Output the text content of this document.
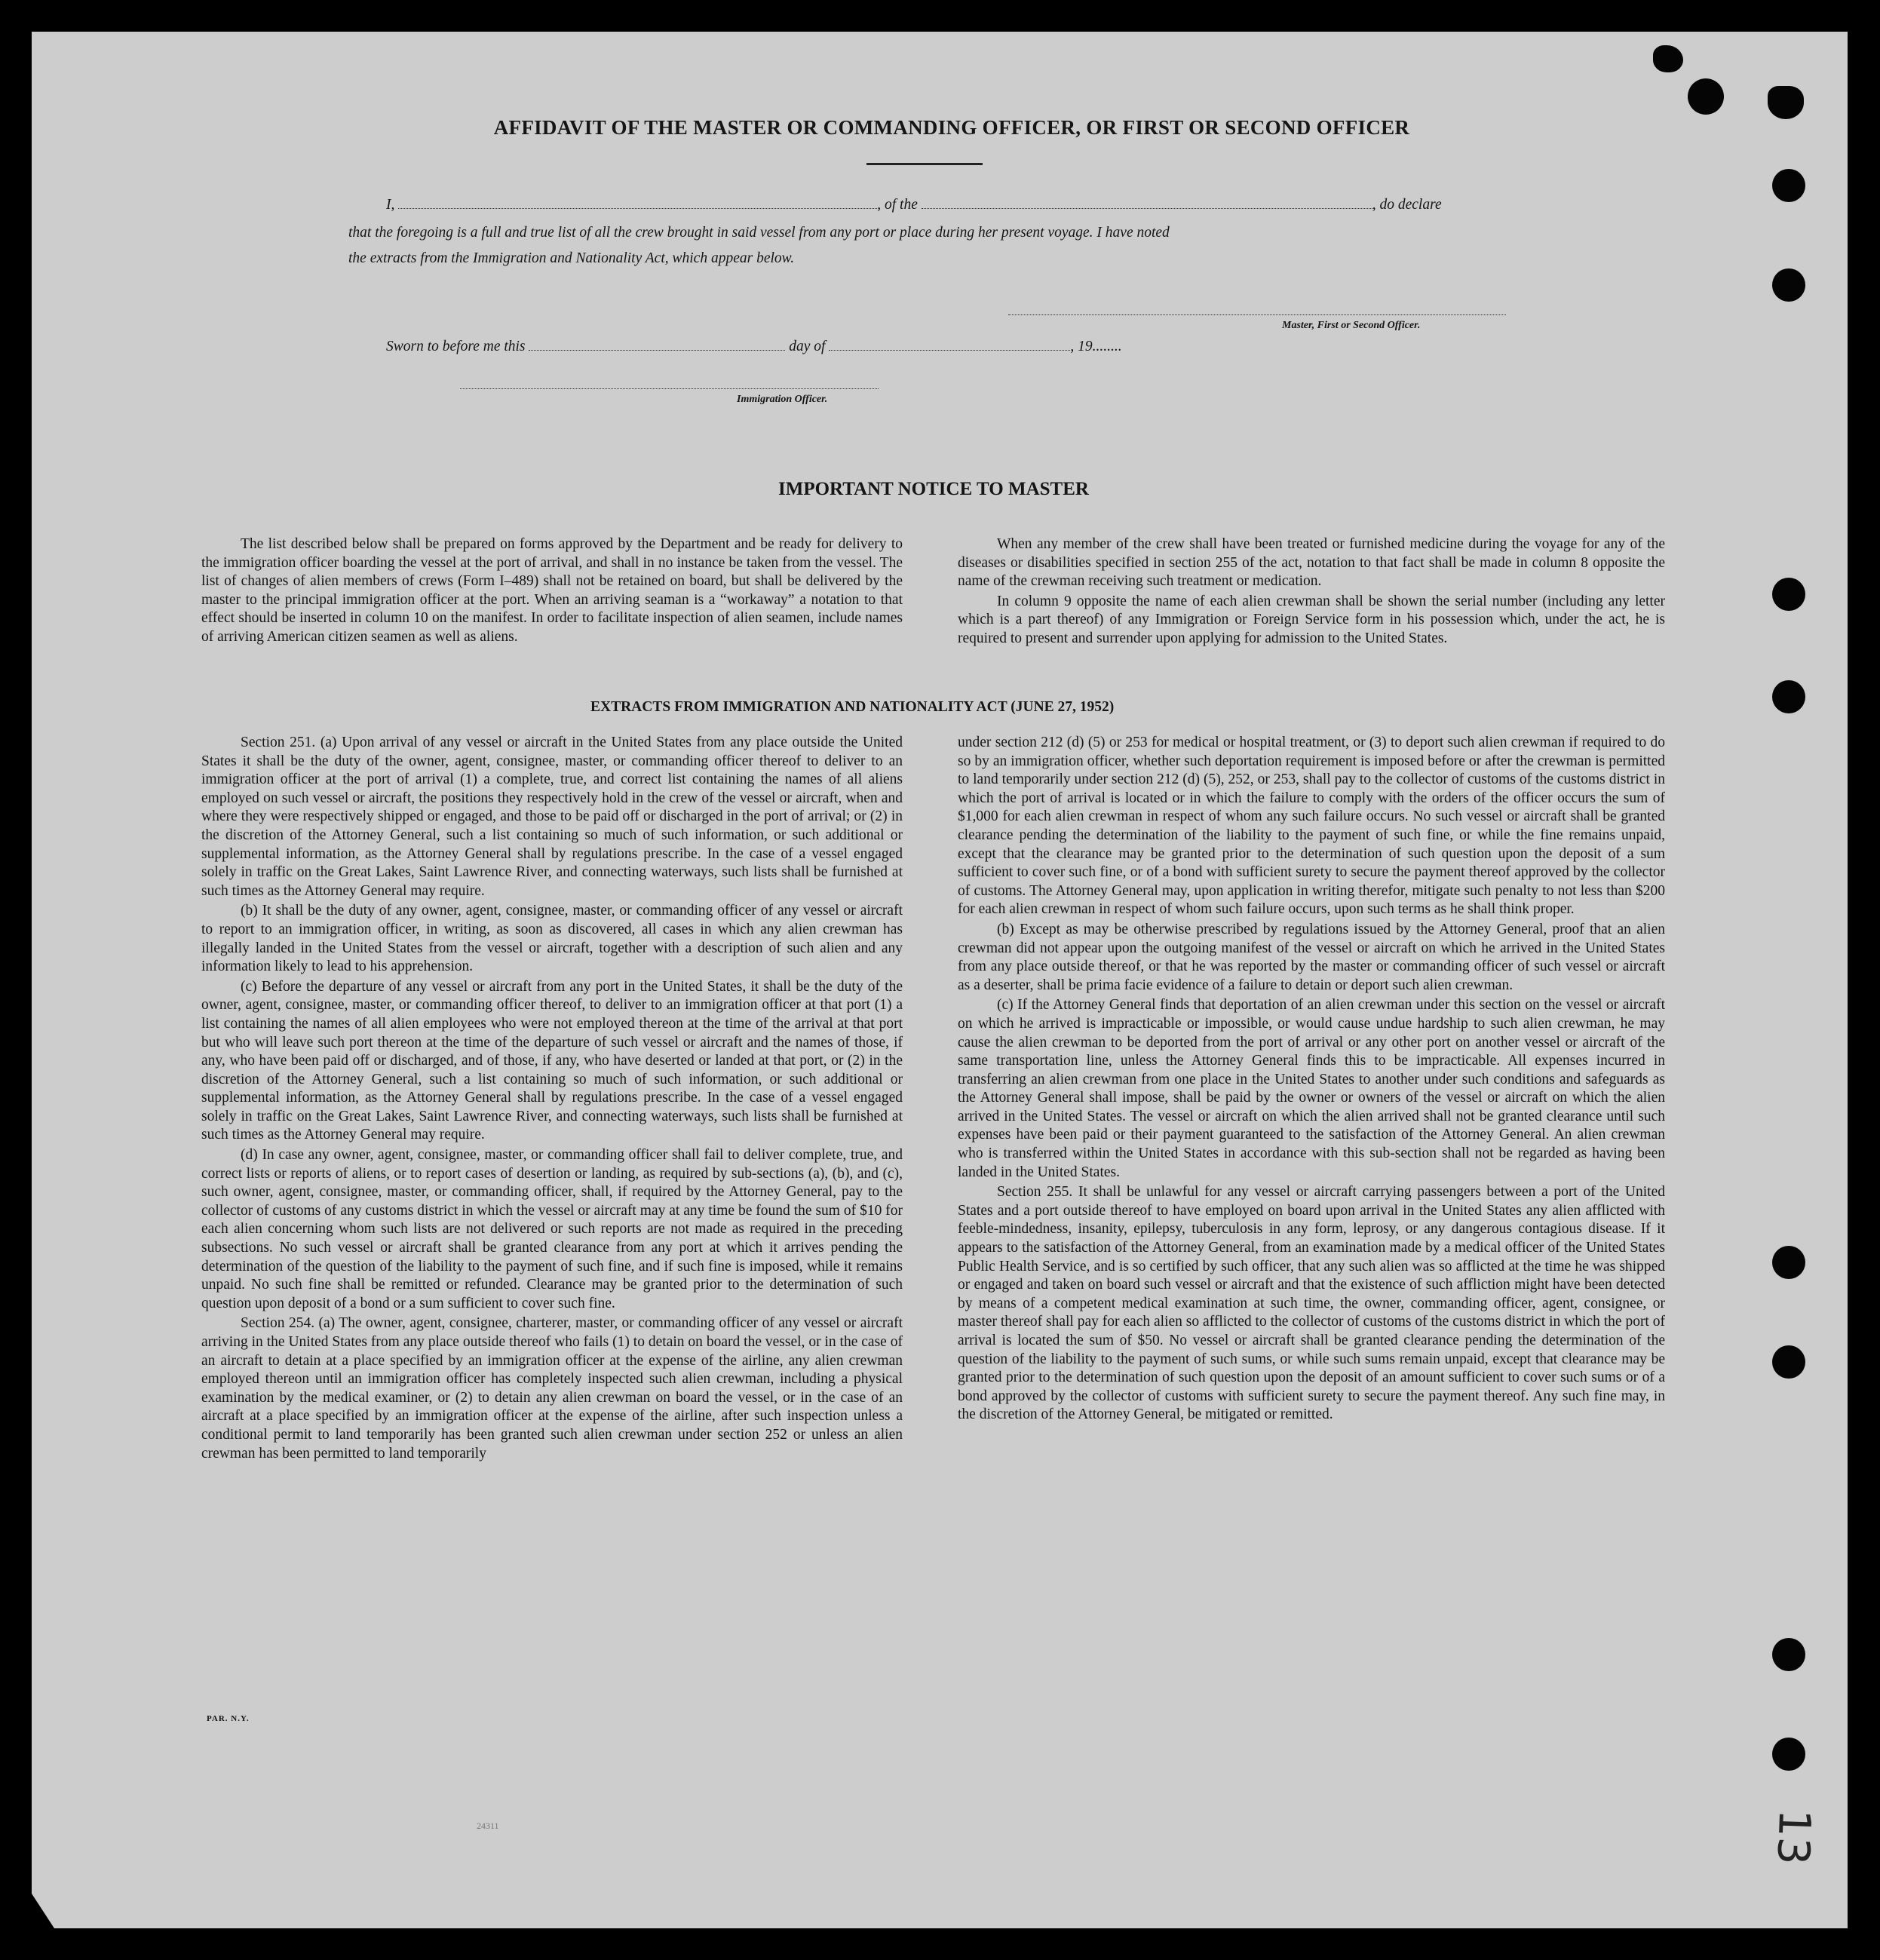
AFFIDAVIT OF THE MASTER OR COMMANDING OFFICER, OR FIRST OR SECOND OFFICER
I,	, of the	, do declare
that the foregoing is a full and true list of all the crew brought in said vessel from any port or place during her present voyage. I have noted
the extracts from the Immigration and Nationality Act, which appear below.
Master, First or Second Officer.
Sworn to before me this	day of	, 19........
Immigration Officer.
IMPORTANT NOTICE TO MASTER

The list described below shall be prepared on forms approved by the Department and be ready for delivery to the immigration officer boarding the vessel at the port of arrival, and shall in no instance be taken from the vessel. The list of changes of alien members of crews (Form I–489) shall not be retained on board, but shall be delivered by the master to the principal immigration officer at the port. When an arriving seaman is a “workaway” a notation to that effect should be inserted in column 10 on the manifest. In order to facilitate inspection of alien seamen, include names of arriving American citizen seamen as well as aliens.

When any member of the crew shall have been treated or furnished medicine during the voyage for any of the diseases or disabilities specified in section 255 of the act, notation to that fact shall be made in column 8 opposite the name of the crewman receiving such treatment or medication.

In column 9 opposite the name of each alien crewman shall be shown the serial number (including any letter which is a part thereof) of any Immigration or Foreign Service form in his possession which, under the act, he is required to present and surrender upon applying for admission to the United States.

EXTRACTS FROM IMMIGRATION AND NATIONALITY ACT (JUNE 27, 1952)

Section 251. (a) Upon arrival of any vessel or aircraft in the United States from any place outside the United States it shall be the duty of the owner, agent, consignee, master, or commanding officer thereof to deliver to an immigration officer at the port of arrival (1) a complete, true, and correct list containing the names of all aliens employed on such vessel or aircraft, the positions they respectively hold in the crew of the vessel or aircraft, when and where they were respectively shipped or engaged, and those to be paid off or discharged in the port of arrival; or (2) in the discretion of the Attorney General, such a list containing so much of such information, or such additional or supplemental information, as the Attorney General shall by regulations prescribe. In the case of a vessel engaged solely in traffic on the Great Lakes, Saint Lawrence River, and connecting waterways, such lists shall be furnished at such times as the Attorney General may require.

(b) It shall be the duty of any owner, agent, consignee, master, or commanding officer of any vessel or aircraft to report to an immigration officer, in writing, as soon as discovered, all cases in which any alien crewman has illegally landed in the United States from the vessel or aircraft, together with a description of such alien and any information likely to lead to his apprehension.

(c) Before the departure of any vessel or aircraft from any port in the United States, it shall be the duty of the owner, agent, consignee, master, or commanding officer thereof, to deliver to an immigration officer at that port (1) a list containing the names of all alien employees who were not employed thereon at the time of the arrival at that port but who will leave such port thereon at the time of the departure of such vessel or aircraft and the names of those, if any, who have been paid off or discharged, and of those, if any, who have deserted or landed at that port, or (2) in the discretion of the Attorney General, such a list containing so much of such information, or such additional or supplemental information, as the Attorney General shall by regulations prescribe. In the case of a vessel engaged solely in traffic on the Great Lakes, Saint Lawrence River, and connecting waterways, such lists shall be furnished at such times as the Attorney General may require.

(d) In case any owner, agent, consignee, master, or commanding officer shall fail to deliver complete, true, and correct lists or reports of aliens, or to report cases of desertion or landing, as required by sub-sections (a), (b), and (c), such owner, agent, consignee, master, or commanding officer, shall, if required by the Attorney General, pay to the collector of customs of any customs district in which the vessel or aircraft may at any time be found the sum of $10 for each alien concerning whom such lists are not delivered or such reports are not made as required in the preceding subsections. No such vessel or aircraft shall be granted clearance from any port at which it arrives pending the determination of the question of the liability to the payment of such fine, and if such fine is imposed, while it remains unpaid. No such fine shall be remitted or refunded. Clearance may be granted prior to the determination of such question upon deposit of a bond or a sum sufficient to cover such fine.

Section 254. (a) The owner, agent, consignee, charterer, master, or commanding officer of any vessel or aircraft arriving in the United States from any place outside thereof who fails (1) to detain on board the vessel, or in the case of an aircraft to detain at a place specified by an immigration officer at the expense of the airline, any alien crewman employed thereon until an immigration officer has completely inspected such alien crewman, including a physical examination by the medical examiner, or (2) to detain any alien crewman on board the vessel, or in the case of an aircraft at a place specified by an immigration officer at the expense of the airline, after such inspection unless a conditional permit to land temporarily has been granted such alien crewman under section 252 or unless an alien crewman has been permitted to land temporarily

under section 212 (d) (5) or 253 for medical or hospital treatment, or (3) to deport such alien crewman if required to do so by an immigration officer, whether such deportation requirement is imposed before or after the crewman is permitted to land temporarily under section 212 (d) (5), 252, or 253, shall pay to the collector of customs of the customs district in which the port of arrival is located or in which the failure to comply with the orders of the officer occurs the sum of $1,000 for each alien crewman in respect of whom any such failure occurs. No such vessel or aircraft shall be granted clearance pending the determination of the liability to the payment of such fine, or while the fine remains unpaid, except that the clearance may be granted prior to the determination of such question upon the deposit of a sum sufficient to cover such fine, or of a bond with sufficient surety to secure the payment thereof approved by the collector of customs. The Attorney General may, upon application in writing therefor, mitigate such penalty to not less than $200 for each alien crewman in respect of whom such failure occurs, upon such terms as he shall think proper.

(b) Except as may be otherwise prescribed by regulations issued by the Attorney General, proof that an alien crewman did not appear upon the outgoing manifest of the vessel or aircraft on which he arrived in the United States from any place outside thereof, or that he was reported by the master or commanding officer of such vessel or aircraft as a deserter, shall be prima facie evidence of a failure to detain or deport such alien crewman.

(c) If the Attorney General finds that deportation of an alien crewman under this section on the vessel or aircraft on which he arrived is impracticable or impossible, or would cause undue hardship to such alien crewman, he may cause the alien crewman to be deported from the port of arrival or any other port on another vessel or aircraft of the same transportation line, unless the Attorney General finds this to be impracticable. All expenses incurred in transferring an alien crewman from one place in the United States to another under such conditions and safeguards as the Attorney General shall impose, shall be paid by the owner or owners of the vessel or aircraft on which the alien arrived in the United States. The vessel or aircraft on which the alien arrived shall not be granted clearance until such expenses have been paid or their payment guaranteed to the satisfaction of the Attorney General. An alien crewman who is transferred within the United States in accordance with this sub-section shall not be regarded as having been landed in the United States.

Section 255. It shall be unlawful for any vessel or aircraft carrying passengers between a port of the United States and a port outside thereof to have employed on board upon arrival in the United States any alien afflicted with feeble-mindedness, insanity, epilepsy, tuberculosis in any form, leprosy, or any dangerous contagious disease. If it appears to the satisfaction of the Attorney General, from an examination made by a medical officer of the United States Public Health Service, and is so certified by such officer, that any such alien was so afflicted at the time he was shipped or engaged and taken on board such vessel or aircraft and that the existence of such affliction might have been detected by means of a competent medical examination at such time, the owner, commanding officer, agent, consignee, or master thereof shall pay for each alien so afflicted to the collector of customs of the customs district in which the port of arrival is located the sum of $50. No vessel or aircraft shall be granted clearance pending the determination of the question of the liability to the payment of such sums, or while such sums remain unpaid, except that clearance may be granted prior to the determination of such question upon the deposit of an amount sufficient to cover such sums or of a bond approved by the collector of customs with sufficient surety to secure the payment thereof. Any such fine may, in the discretion of the Attorney General, be mitigated or remitted.

PAR. N.Y.
24311	13
